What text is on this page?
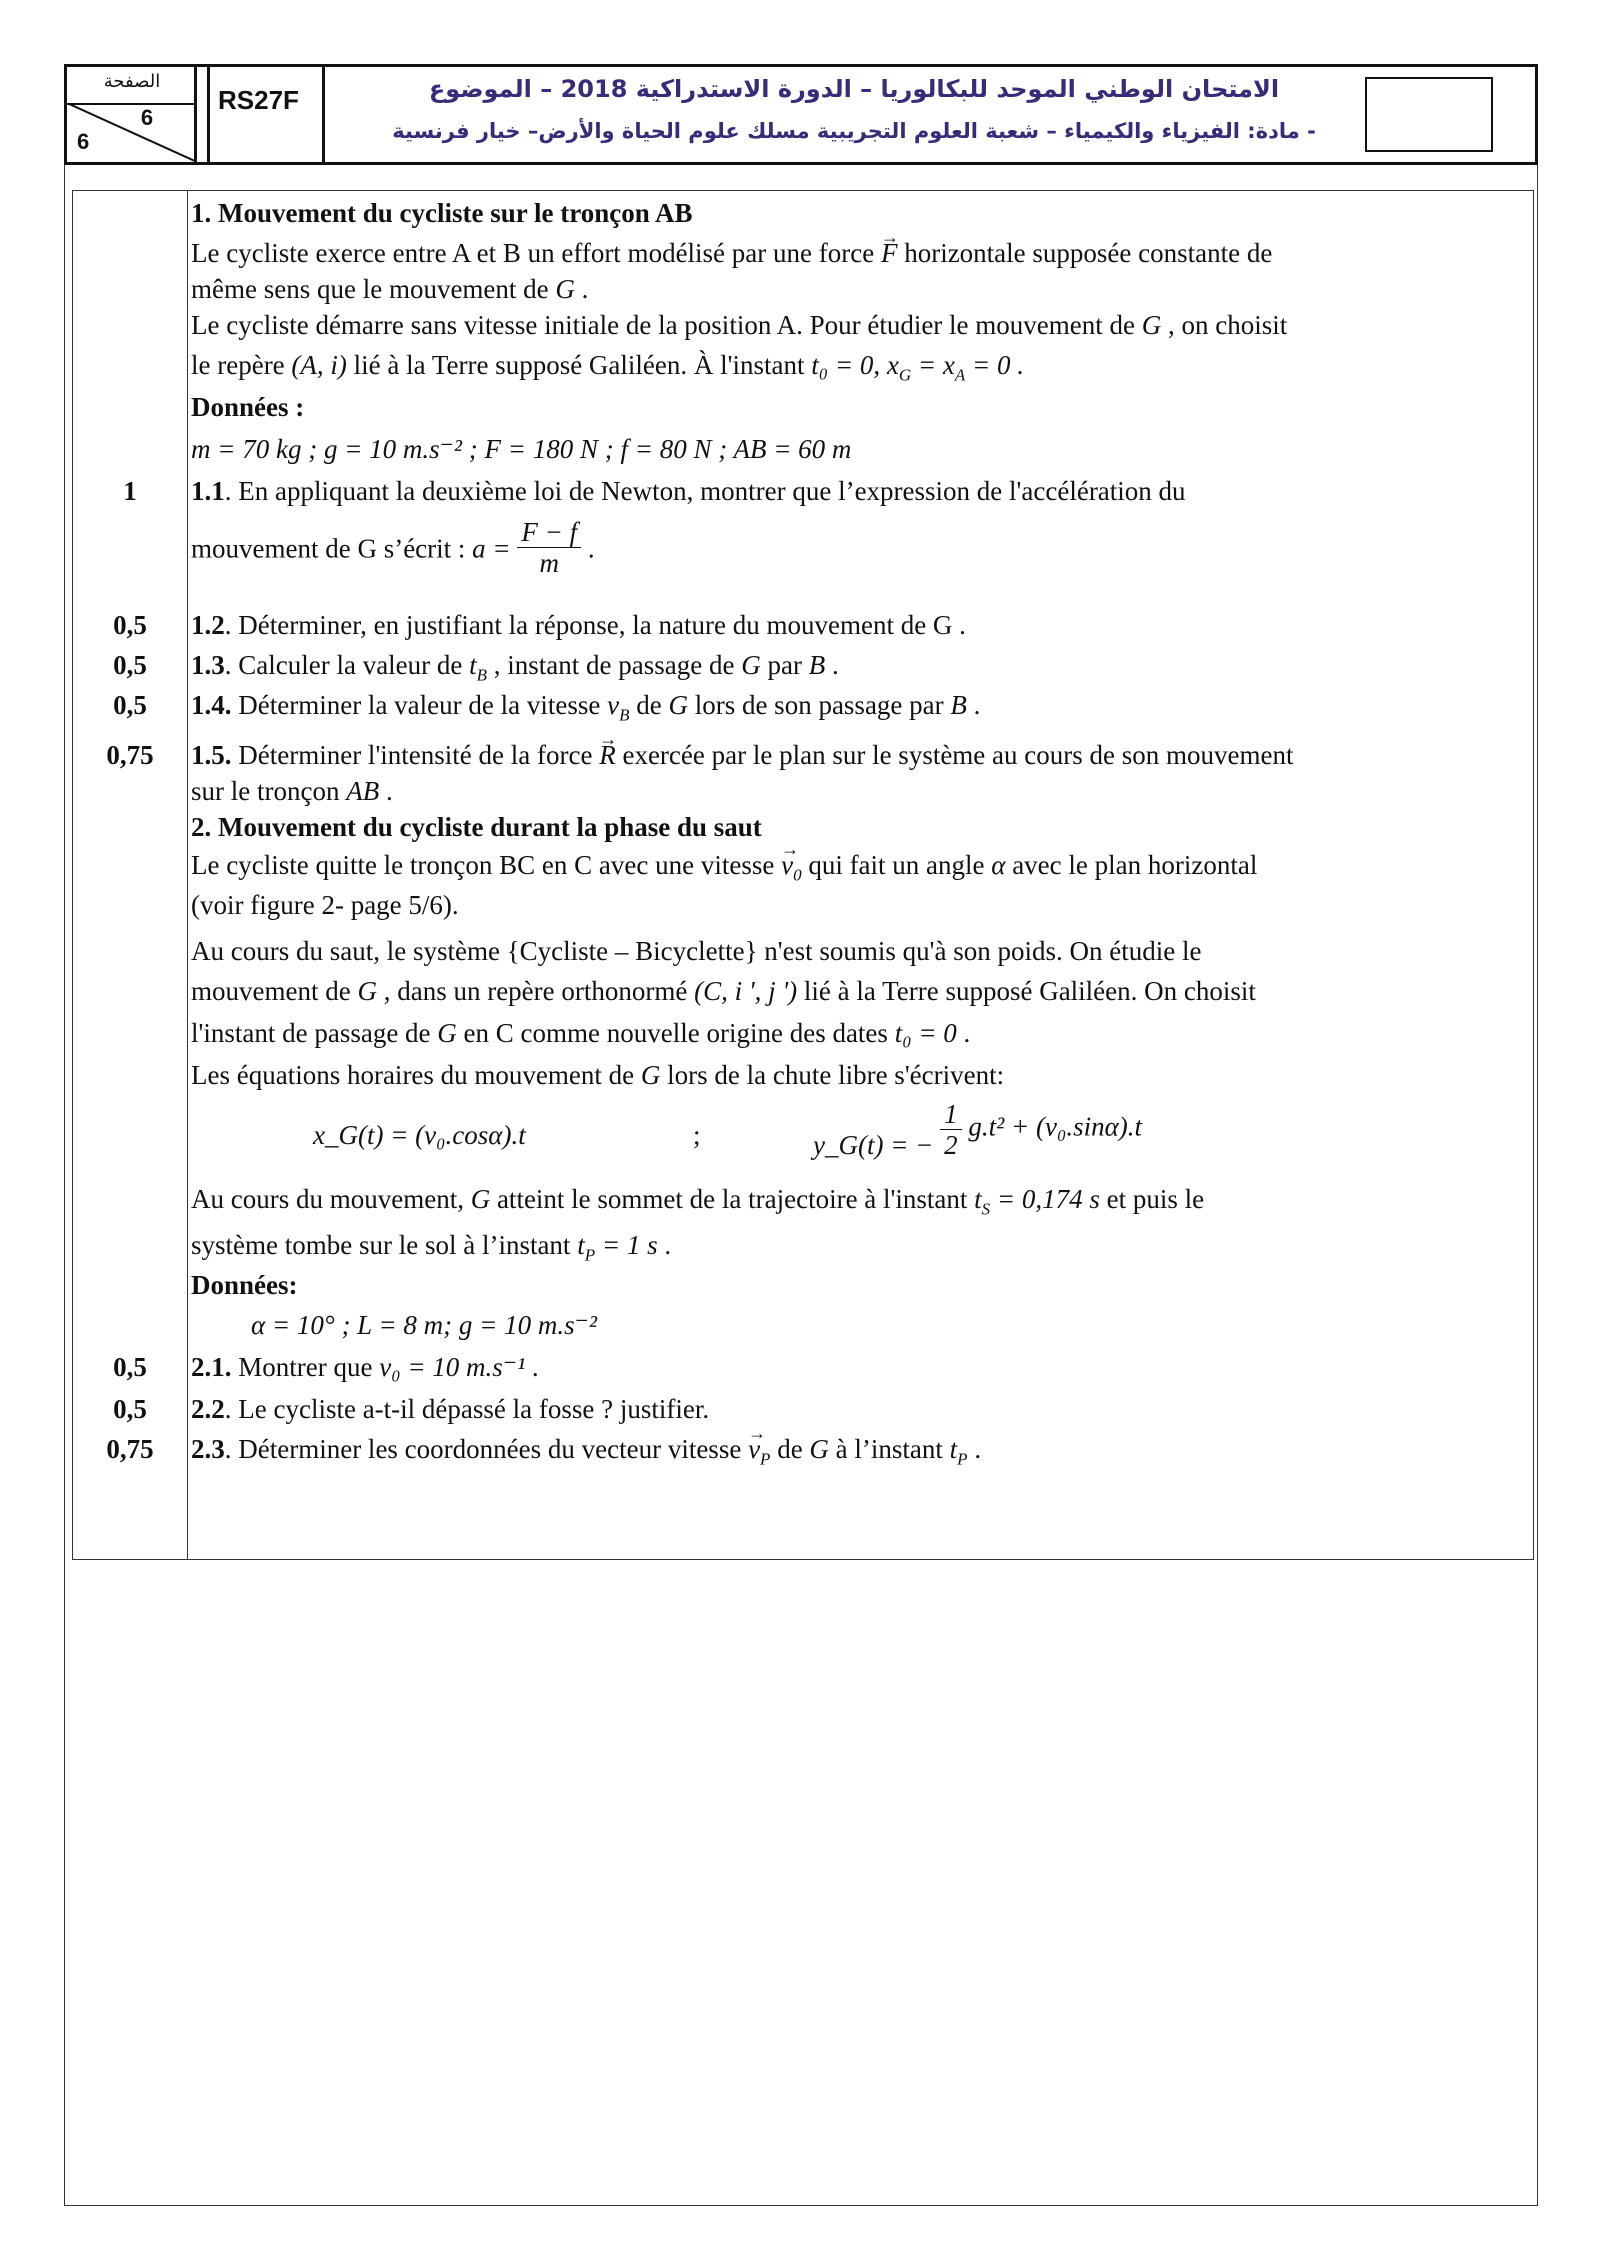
الصفحة
6
6
RS27F	الامتحان الوطني الموحد للبكالوريا – الدورة الاستدراكية 2018 – الموضوع
- مادة: الفيزياء والكيمياء – شعبة العلوم التجريبية مسلك علوم الحياة والأرض– خيار فرنسية
1. Mouvement du cycliste sur le tronçon AB
Le cycliste exerce entre A et B un effort modélisé par une force → F horizontale supposée constante de
même sens que le mouvement de G .
Le cycliste démarre sans vitesse initiale de la position A. Pour étudier le mouvement de G , on choisit
le repère (A, i) lié à la Terre supposé Galiléen. À l'instant t₀ = 0, $x_G = x_A = 0$ .
Données :
m = 70 kg ; g = 10 m.s⁻² ; F = 180 N ; f = 80 N ; AB = 60 m
1	1.1. En appliquant la deuxième loi de Newton, montrer que l’expression de l'accélération du
mouvement de G s’écrit : $a = \frac{F - f}{m}$ .
0,5	1.2. Déterminer, en justifiant la réponse, la nature du mouvement de G .
0,5	1.3. Calculer la valeur de $t_B$ , instant de passage de G par B .
0,5	1.4. Déterminer la valeur de la vitesse $v_B$ de G lors de son passage par B .
0,75	1.5. Déterminer l'intensité de la force → R exercée par le plan sur le système au cours de son mouvement
sur le tronçon AB .
2. Mouvement du cycliste durant la phase du saut
Le cycliste quitte le tronçon BC en C avec une vitesse → $v_0$ qui fait un angle α avec le plan horizontal
(voir figure 2- page 5/6).
Au cours du saut, le système {Cycliste – Bicyclette} n'est soumis qu'à son poids. On étudie le
mouvement de G , dans un repère orthonormé (C, i ', j ') lié à la Terre supposé Galiléen. On choisit
l'instant de passage de G en C comme nouvelle origine des dates t₀ = 0 .
Les équations horaires du mouvement de G lors de la chute libre s'écrivent:
x_G(t) = (v₀.cosα).t	;	y_G(t) = − $\frac{1}{2} g.t^2 + (v_0.\sin\alpha).t$
Au cours du mouvement, G atteint le sommet de la trajectoire à l'instant $t_S = 0,174$ s et puis le
système tombe sur le sol à l’instant $t_P = 1$ s .
Données:
α = 10° ; L = 8 m; g = 10 m.s⁻²
0,5	2.1. Montrer que v₀ = 10 m.s⁻¹ .
0,5	2.2. Le cycliste a-t-il dépassé la fosse ? justifier.
0,75	2.3. Déterminer les coordonnées du vecteur vitesse → $v_P$ de G à l’instant $t_P$ .
